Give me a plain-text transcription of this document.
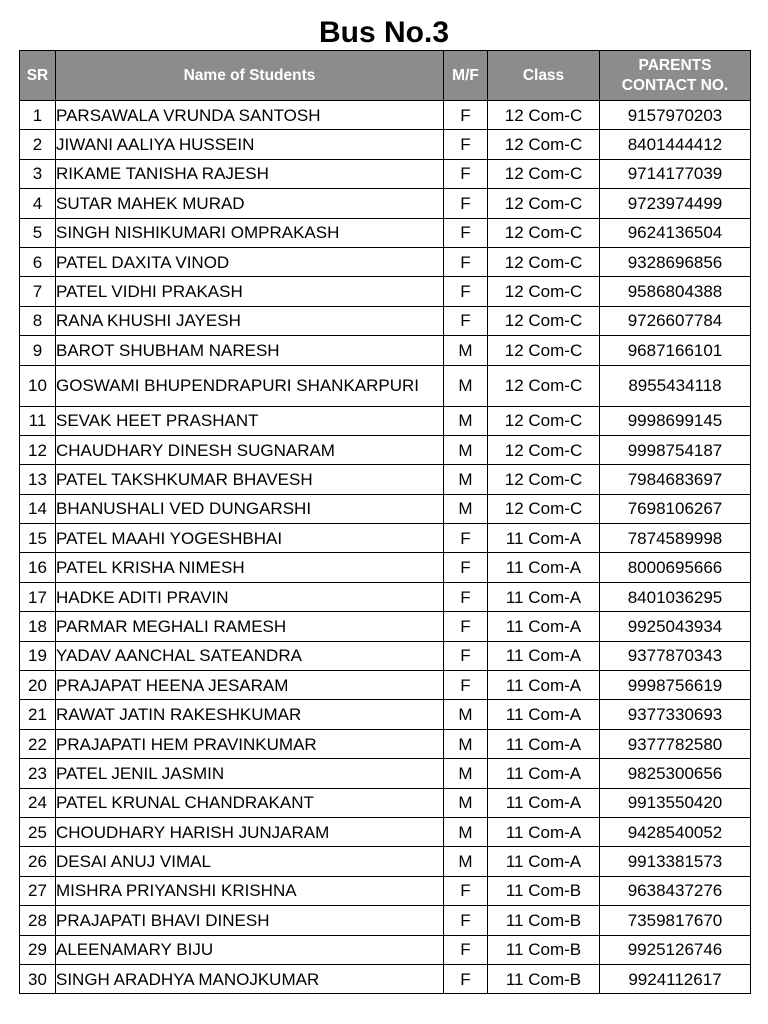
Bus No.3
SR	Name of Students	M/F	Class	PARENTS
CONTACT NO.
1	PARSAWALA VRUNDA SANTOSH	F	12 Com-C	9157970203
2	JIWANI AALIYA HUSSEIN	F	12 Com-C	8401444412
3	RIKAME TANISHA RAJESH	F	12 Com-C	9714177039
4	SUTAR MAHEK MURAD	F	12 Com-C	9723974499
5	SINGH NISHIKUMARI OMPRAKASH	F	12 Com-C	9624136504
6	PATEL DAXITA VINOD	F	12 Com-C	9328696856
7	PATEL VIDHI PRAKASH	F	12 Com-C	9586804388
8	RANA KHUSHI JAYESH	F	12 Com-C	9726607784
9	BAROT SHUBHAM NARESH	M	12 Com-C	9687166101
10	GOSWAMI BHUPENDRAPURI SHANKARPURI	M	12 Com-C	8955434118
11	SEVAK HEET PRASHANT	M	12 Com-C	9998699145
12	CHAUDHARY DINESH SUGNARAM	M	12 Com-C	9998754187
13	PATEL TAKSHKUMAR BHAVESH	M	12 Com-C	7984683697
14	BHANUSHALI VED DUNGARSHI	M	12 Com-C	7698106267
15	PATEL MAAHI YOGESHBHAI	F	11 Com-A	7874589998
16	PATEL KRISHA NIMESH	F	11 Com-A	8000695666
17	HADKE ADITI PRAVIN	F	11 Com-A	8401036295
18	PARMAR MEGHALI RAMESH	F	11 Com-A	9925043934
19	YADAV AANCHAL SATEANDRA	F	11 Com-A	9377870343
20	PRAJAPAT HEENA JESARAM	F	11 Com-A	9998756619
21	RAWAT JATIN RAKESHKUMAR	M	11 Com-A	9377330693
22	PRAJAPATI HEM PRAVINKUMAR	M	11 Com-A	9377782580
23	PATEL JENIL JASMIN	M	11 Com-A	9825300656
24	PATEL KRUNAL CHANDRAKANT	M	11 Com-A	9913550420
25	CHOUDHARY HARISH JUNJARAM	M	11 Com-A	9428540052
26	DESAI ANUJ VIMAL	M	11 Com-A	9913381573
27	MISHRA PRIYANSHI KRISHNA	F	11 Com-B	9638437276
28	PRAJAPATI BHAVI DINESH	F	11 Com-B	7359817670
29	ALEENAMARY BIJU	F	11 Com-B	9925126746
30	SINGH ARADHYA MANOJKUMAR	F	11 Com-B	9924112617
